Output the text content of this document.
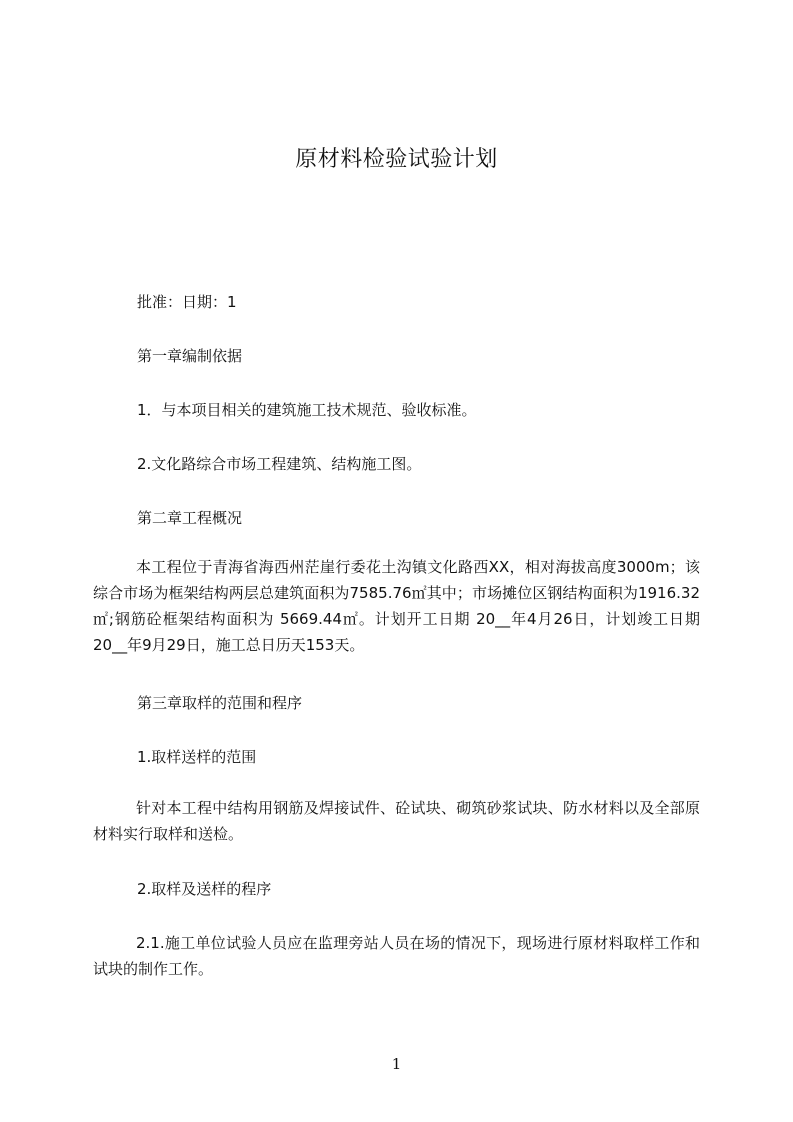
原材料检验试验计划
批准：日期：1
第一章编制依据
1．与本项目相关的建筑施工技术规范、验收标准。
2.文化路综合市场工程建筑、结构施工图。
第二章工程概况
本工程位于青海省海西州茫崖行委花土沟镇文化路西XX，相对海拔高度3000m；该综合市场为框架结构两层总建筑面积为7585.76㎡其中；市场摊位区钢结构面积为1916.32㎡;钢筋砼框架结构面积为 5669.44㎡。计划开工日期 20__年4月26日，计划竣工日期20__年9月29日，施工总日历天153天。
第三章取样的范围和程序
1.取样送样的范围
针对本工程中结构用钢筋及焊接试件、砼试块、砌筑砂浆试块、防水材料以及全部原材料实行取样和送检。
2.取样及送样的程序
2.1.施工单位试验人员应在监理旁站人员在场的情况下，现场进行原材料取样工作和试块的制作工作。
1
